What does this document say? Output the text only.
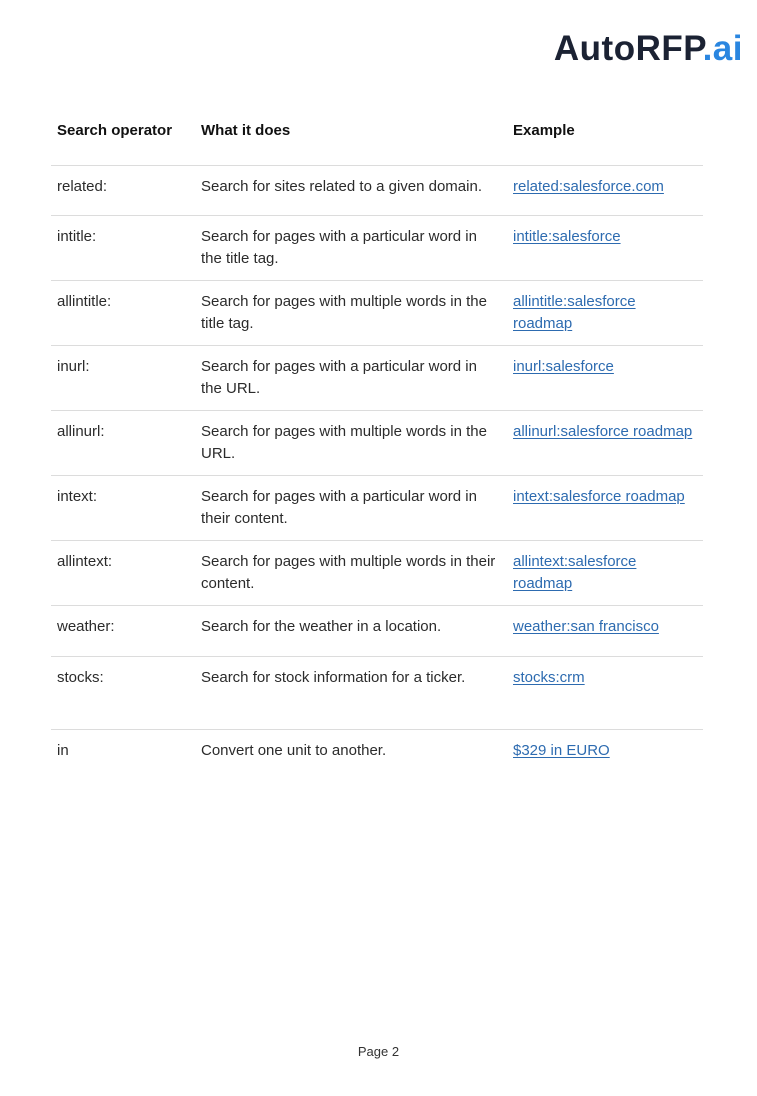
AutoRFP.ai
Search operator	What it does	Example
related:	Search for sites related to a given domain.	related:salesforce.com
intitle:	Search for pages with a particular word in the title tag.	intitle:salesforce
allintitle:	Search for pages with multiple words in the title tag.	allintitle:salesforce roadmap
inurl:	Search for pages with a particular word in the URL.	inurl:salesforce
allinurl:	Search for pages with multiple words in the URL.	allinurl:salesforce roadmap
intext:	Search for pages with a particular word in their content.	intext:salesforce roadmap
allintext:	Search for pages with multiple words in their content.	allintext:salesforce roadmap
weather:	Search for the weather in a location.	weather:san francisco
stocks:	Search for stock information for a ticker.	stocks:crm
in	Convert one unit to another.	$329 in EURO
Page 2
